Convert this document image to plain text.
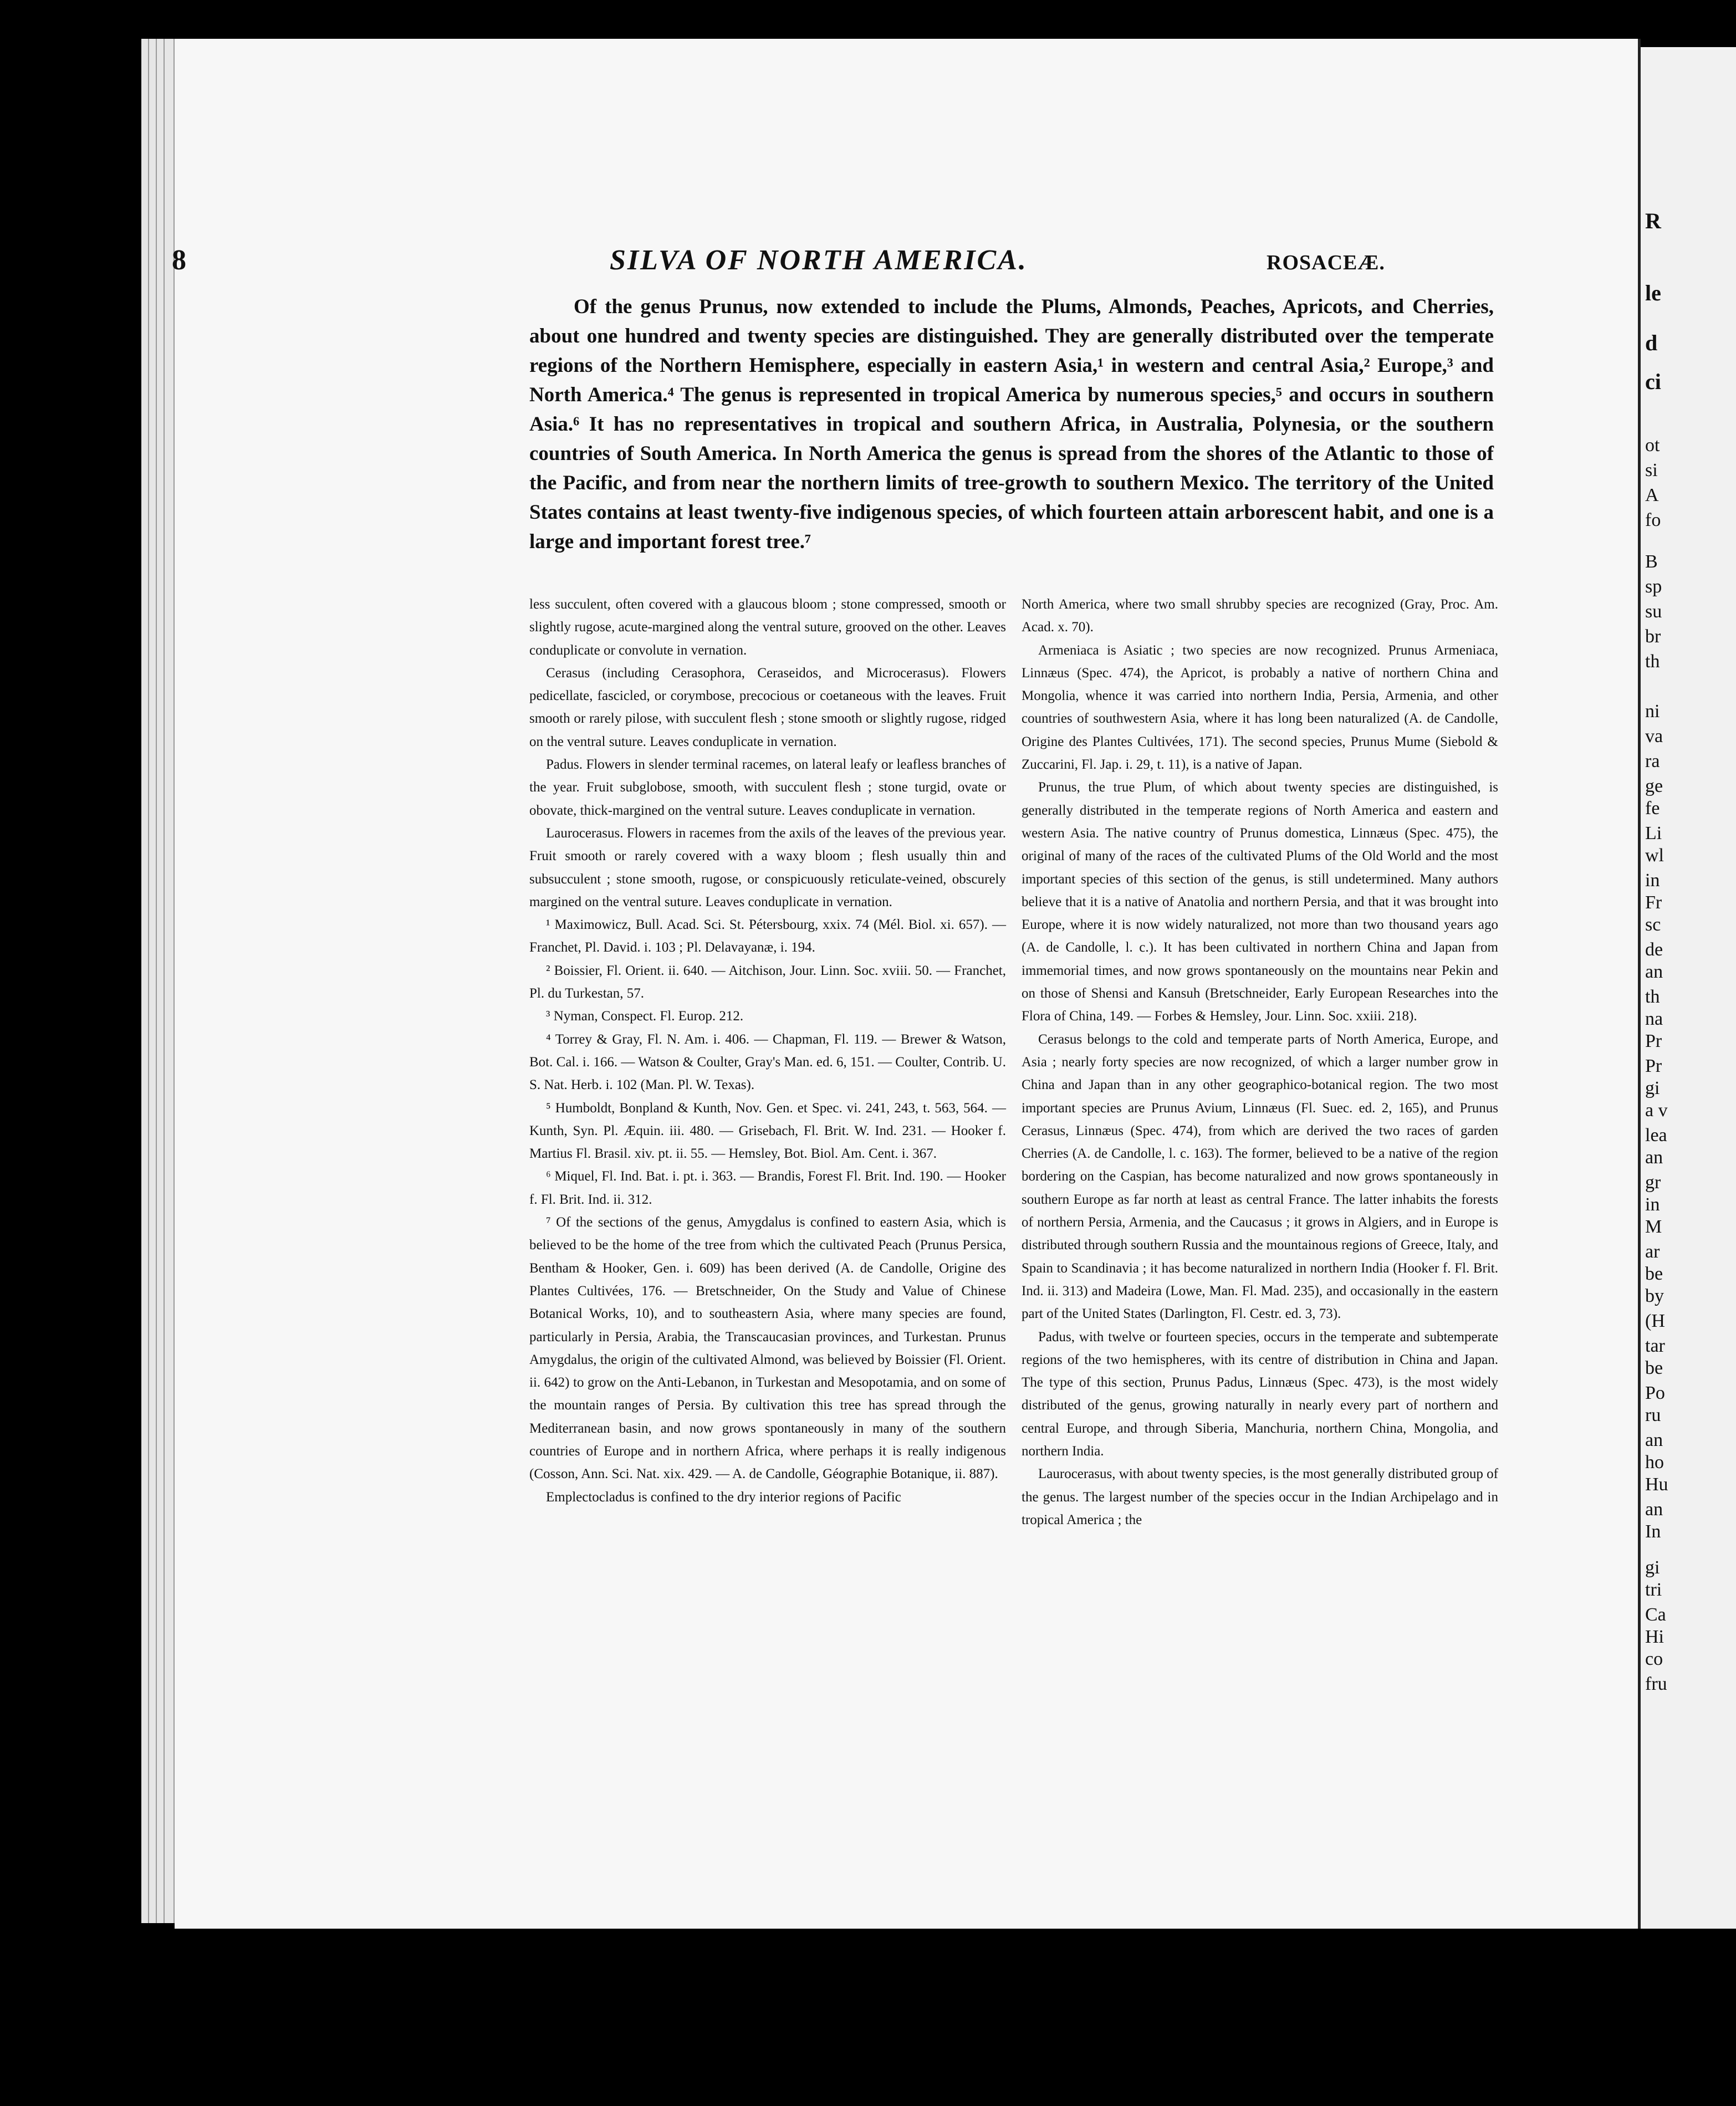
R
le
d
ci
ot
si
A
fo
B
sp
su
br
th
ni
va
ra
ge
fe
Li
wl
in
Fr
sc
de
an
th
na
Pr
Pr
gi
a v
lea
an
gr
in
M
ar
be
by
(H
tar
be
Po
ru
an
ho
Hu
an
In
gi
tri
Ca
Hi
co
fru
8	SILVA OF NORTH AMERICA.	ROSACEÆ.

Of the genus Prunus, now extended to include the Plums, Almonds, Peaches, Apricots, and Cherries, about one hundred and twenty species are distinguished. They are generally distributed over the temperate regions of the Northern Hemisphere, especially in eastern Asia,¹ in western and central Asia,² Europe,³ and North America.⁴ The genus is represented in tropical America by numerous species,⁵ and occurs in southern Asia.⁶ It has no representatives in tropical and southern Africa, in Australia, Polynesia, or the southern countries of South America. In North America the genus is spread from the shores of the Atlantic to those of the Pacific, and from near the northern limits of tree-growth to southern Mexico. The territory of the United States contains at least twenty-five indigenous species, of which fourteen attain arborescent habit, and one is a large and important forest tree.⁷

less succulent, often covered with a glaucous bloom ; stone compressed, smooth or slightly rugose, acute-margined along the ventral suture, grooved on the other. Leaves conduplicate or convolute in vernation.

Cerasus (including Cerasophora, Ceraseidos, and Microcerasus). Flowers pedicellate, fascicled, or corymbose, precocious or coetaneous with the leaves. Fruit smooth or rarely pilose, with succulent flesh ; stone smooth or slightly rugose, ridged on the ventral suture. Leaves conduplicate in vernation.

Padus. Flowers in slender terminal racemes, on lateral leafy or leafless branches of the year. Fruit subglobose, smooth, with succulent flesh ; stone turgid, ovate or obovate, thick-margined on the ventral suture. Leaves conduplicate in vernation.

Laurocerasus. Flowers in racemes from the axils of the leaves of the previous year. Fruit smooth or rarely covered with a waxy bloom ; flesh usually thin and subsucculent ; stone smooth, rugose, or conspicuously reticulate-veined, obscurely margined on the ventral suture. Leaves conduplicate in vernation.

¹ Maximowicz, Bull. Acad. Sci. St. Pétersbourg, xxix. 74 (Mél. Biol. xi. 657). — Franchet, Pl. David. i. 103 ; Pl. Delavayanæ, i. 194.

² Boissier, Fl. Orient. ii. 640. — Aitchison, Jour. Linn. Soc. xviii. 50. — Franchet, Pl. du Turkestan, 57.

³ Nyman, Conspect. Fl. Europ. 212.

⁴ Torrey & Gray, Fl. N. Am. i. 406. — Chapman, Fl. 119. — Brewer & Watson, Bot. Cal. i. 166. — Watson & Coulter, Gray's Man. ed. 6, 151. — Coulter, Contrib. U. S. Nat. Herb. i. 102 (Man. Pl. W. Texas).

⁵ Humboldt, Bonpland & Kunth, Nov. Gen. et Spec. vi. 241, 243, t. 563, 564. — Kunth, Syn. Pl. Æquin. iii. 480. — Grisebach, Fl. Brit. W. Ind. 231. — Hooker f. Martius Fl. Brasil. xiv. pt. ii. 55. — Hemsley, Bot. Biol. Am. Cent. i. 367.

⁶ Miquel, Fl. Ind. Bat. i. pt. i. 363. — Brandis, Forest Fl. Brit. Ind. 190. — Hooker f. Fl. Brit. Ind. ii. 312.

⁷ Of the sections of the genus, Amygdalus is confined to eastern Asia, which is believed to be the home of the tree from which the cultivated Peach (Prunus Persica, Bentham & Hooker, Gen. i. 609) has been derived (A. de Candolle, Origine des Plantes Cultivées, 176. — Bretschneider, On the Study and Value of Chinese Botanical Works, 10), and to southeastern Asia, where many species are found, particularly in Persia, Arabia, the Transcaucasian provinces, and Turkestan. Prunus Amygdalus, the origin of the cultivated Almond, was believed by Boissier (Fl. Orient. ii. 642) to grow on the Anti-Lebanon, in Turkestan and Mesopotamia, and on some of the mountain ranges of Persia. By cultivation this tree has spread through the Mediterranean basin, and now grows spontaneously in many of the southern countries of Europe and in northern Africa, where perhaps it is really indigenous (Cosson, Ann. Sci. Nat. xix. 429. — A. de Candolle, Géographie Botanique, ii. 887).

Emplectocladus is confined to the dry interior regions of Pacific

North America, where two small shrubby species are recognized (Gray, Proc. Am. Acad. x. 70).

Armeniaca is Asiatic ; two species are now recognized. Prunus Armeniaca, Linnæus (Spec. 474), the Apricot, is probably a native of northern China and Mongolia, whence it was carried into northern India, Persia, Armenia, and other countries of southwestern Asia, where it has long been naturalized (A. de Candolle, Origine des Plantes Cultivées, 171). The second species, Prunus Mume (Siebold & Zuccarini, Fl. Jap. i. 29, t. 11), is a native of Japan.

Prunus, the true Plum, of which about twenty species are distinguished, is generally distributed in the temperate regions of North America and eastern and western Asia. The native country of Prunus domestica, Linnæus (Spec. 475), the original of many of the races of the cultivated Plums of the Old World and the most important species of this section of the genus, is still undetermined. Many authors believe that it is a native of Anatolia and northern Persia, and that it was brought into Europe, where it is now widely naturalized, not more than two thousand years ago (A. de Candolle, l. c.). It has been cultivated in northern China and Japan from immemorial times, and now grows spontaneously on the mountains near Pekin and on those of Shensi and Kansuh (Bretschneider, Early European Researches into the Flora of China, 149. — Forbes & Hemsley, Jour. Linn. Soc. xxiii. 218).

Cerasus belongs to the cold and temperate parts of North America, Europe, and Asia ; nearly forty species are now recognized, of which a larger number grow in China and Japan than in any other geographico-botanical region. The two most important species are Prunus Avium, Linnæus (Fl. Suec. ed. 2, 165), and Prunus Cerasus, Linnæus (Spec. 474), from which are derived the two races of garden Cherries (A. de Candolle, l. c. 163). The former, believed to be a native of the region bordering on the Caspian, has become naturalized and now grows spontaneously in southern Europe as far north at least as central France. The latter inhabits the forests of northern Persia, Armenia, and the Caucasus ; it grows in Algiers, and in Europe is distributed through southern Russia and the mountainous regions of Greece, Italy, and Spain to Scandinavia ; it has become naturalized in northern India (Hooker f. Fl. Brit. Ind. ii. 313) and Madeira (Lowe, Man. Fl. Mad. 235), and occasionally in the eastern part of the United States (Darlington, Fl. Cestr. ed. 3, 73).

Padus, with twelve or fourteen species, occurs in the temperate and subtemperate regions of the two hemispheres, with its centre of distribution in China and Japan. The type of this section, Prunus Padus, Linnæus (Spec. 473), is the most widely distributed of the genus, growing naturally in nearly every part of northern and central Europe, and through Siberia, Manchuria, northern China, Mongolia, and northern India.

Laurocerasus, with about twenty species, is the most generally distributed group of the genus. The largest number of the species occur in the Indian Archipelago and in tropical America ; the
